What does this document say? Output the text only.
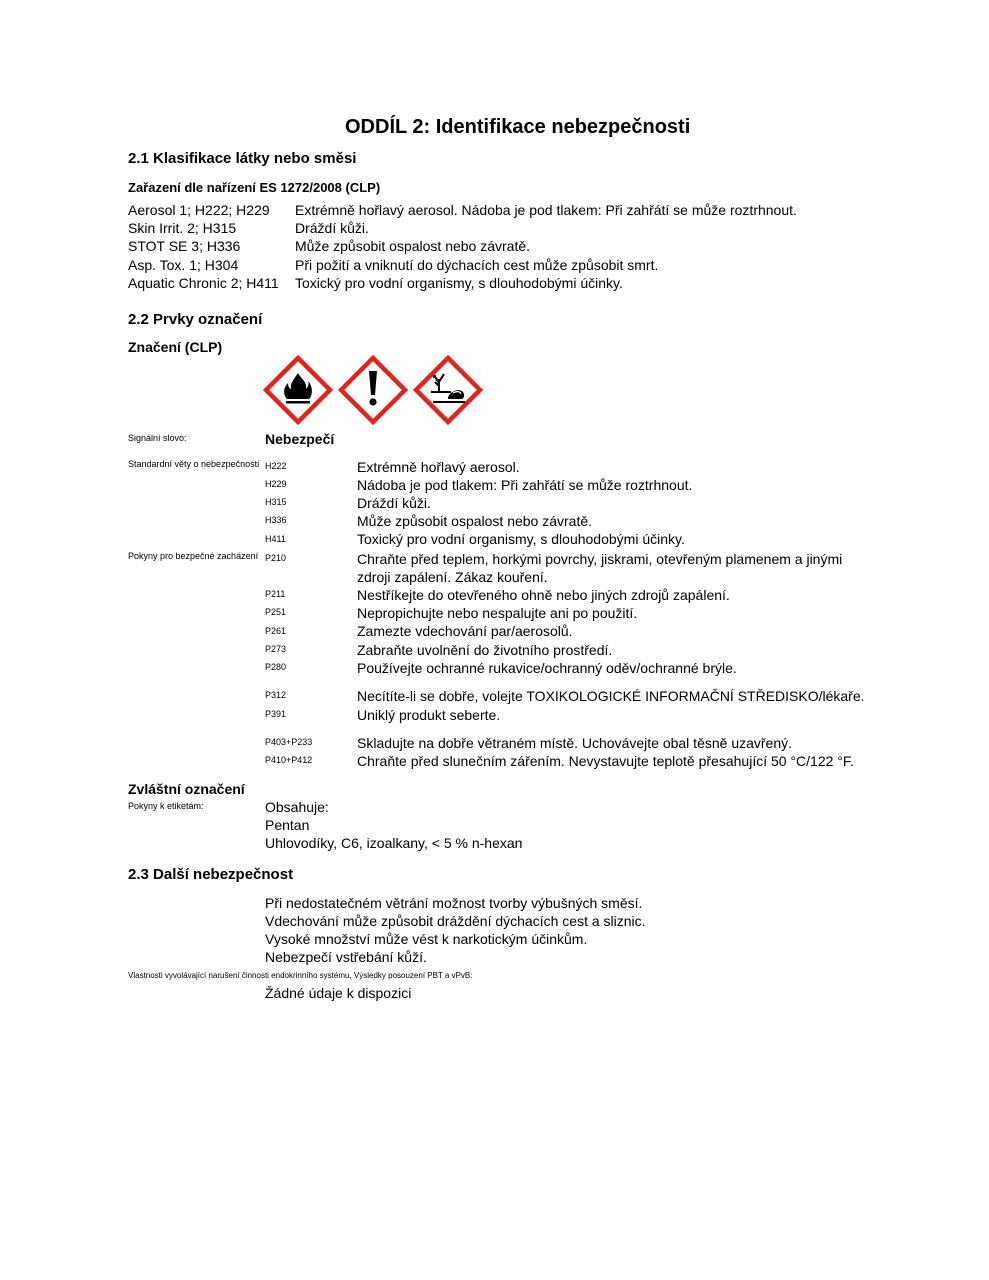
ODDÍL 2: Identifikace nebezpečnosti
2.1 Klasifikace látky nebo směsi
Zařazení dle nařízení ES 1272/2008 (CLP)
Aerosol 1; H222; H229 Extrémně hořlavý aerosol. Nádoba je pod tlakem: Při zahřátí se může roztrhnout.
Skin Irrit. 2; H315	Dráždí kůži.
STOT SE 3; H336	Může způsobit ospalost nebo závratě.
Asp. Tox. 1; H304	Při požití a vniknutí do dýchacích cest může způsobit smrt.
Aquatic Chronic 2; H411 Toxický pro vodní organismy, s dlouhodobými účinky.
2.2 Prvky označení
Značení (CLP)
Signální slovo:	Nebezpečí
Standardní věty o nebezpečnosti H222	Extrémně hořlavý aerosol.
H229	Nádoba je pod tlakem: Při zahřátí se může roztrhnout.
H315	Dráždí kůži.
H336	Může způsobit ospalost nebo závratě.
H411	Toxický pro vodní organismy, s dlouhodobými účinky.
Pokyny pro bezpečné zacházení P210	Chraňte před teplem, horkými povrchy, jiskrami, otevřeným plamenem a jinými
zdroji zapálení. Zákaz kouření.
P211	Nestříkejte do otevřeného ohně nebo jiných zdrojů zapálení.
P251	Nepropichujte nebo nespalujte ani po použití.
P261	Zamezte vdechování par/aerosolů.
P273	Zabraňte uvolnění do životního prostředí.
P280	Používejte ochranné rukavice/ochranný oděv/ochranné brýle.
P312	Necítíte-li se dobře, volejte TOXIKOLOGICKÉ INFORMAČNÍ STŘEDISKO/lékaře.
P391	Uniklý produkt seberte.
P403+P233	Skladujte na dobře větraném místě. Uchovávejte obal těsně uzavřený.
P410+P412	Chraňte před slunečním zářením. Nevystavujte teplotě přesahující 50 °C/122 °F.
Zvláštní označení
Pokyny k etiketám:	Obsahuje:
Pentan
Uhlovodíky, C6, izoalkany, < 5 % n-hexan
2.3 Další nebezpečnost
Při nedostatečném větrání možnost tvorby výbušných směsí.
Vdechování může způsobit dráždění dýchacích cest a sliznic.
Vysoké množství může vést k narkotickým účinkům.
Nebezpečí vstřebání kůží.
Vlastnosti vyvolávající narušení činnosti endokrinního systému, Výsledky posouzení PBT a vPvB:
Žádné údaje k dispozici
